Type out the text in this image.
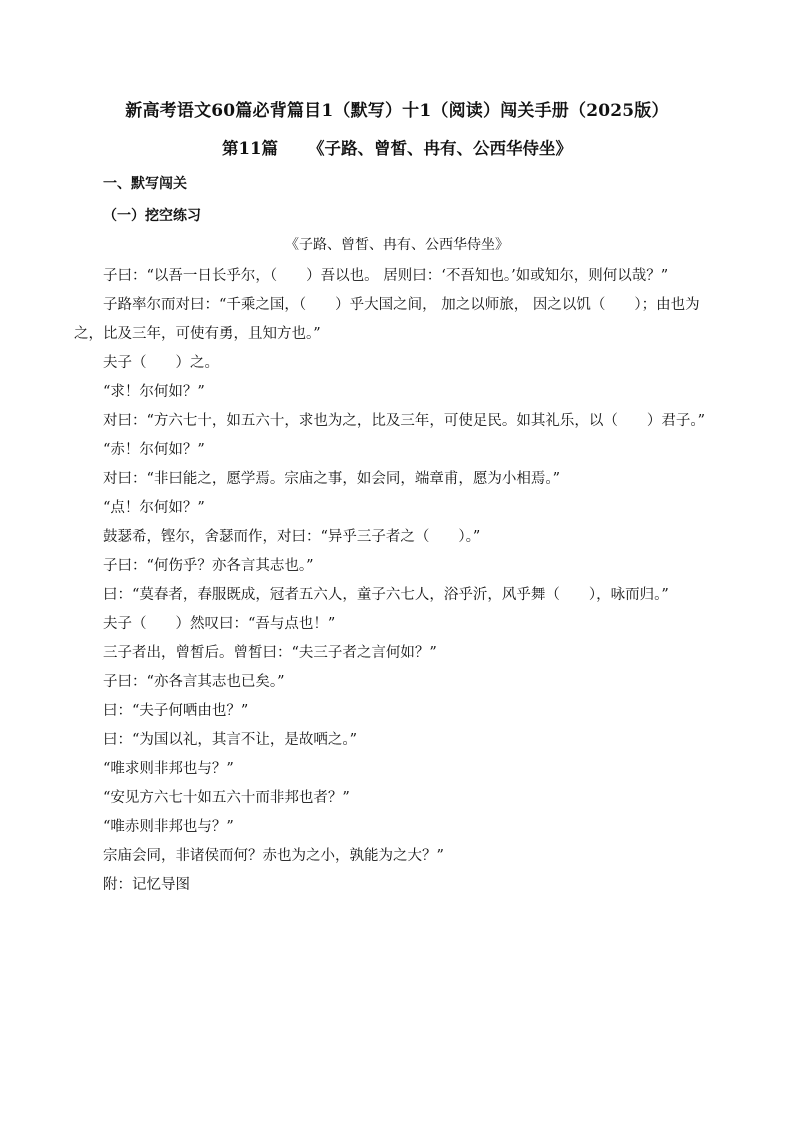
新高考语文60篇必背篇目1（默写）十1（阅读）闯关手册（2025版）
第11篇 《子路、曾皙、冉有、公西华侍坐》
一、默写闯关
（一）挖空练习
《子路、曾皙、冉有、公西华侍坐》
子曰：“以吾一日长乎尔，（　　）吾以也。 居则曰：‘不吾知也。’如或知尔，则何以哉？”
子路率尔而对曰：“千乘之国，（　　）乎大国之间， 加之以师旅， 因之以饥（　　）；由也为
之，比及三年，可使有勇，且知方也。”
夫子（　　）之。
“求！尔何如？”
对曰：“方六七十，如五六十，求也为之，比及三年，可使足民。如其礼乐，以（　　）君子。”
“赤！尔何如？”
对曰：“非曰能之，愿学焉。宗庙之事，如会同，端章甫，愿为小相焉。”
“点！尔何如？”
鼓瑟希，铿尔，舍瑟而作，对曰：“异乎三子者之（　　）。”
子曰：“何伤乎？亦各言其志也。”
曰：“莫春者，春服既成，冠者五六人，童子六七人，浴乎沂，风乎舞（　　），咏而归。”
夫子（　　）然叹曰：“吾与点也！”
三子者出，曾皙后。曾皙曰：“夫三子者之言何如？”
子曰：“亦各言其志也已矣。”
曰：“夫子何哂由也？”
曰：“为国以礼，其言不让，是故哂之。”
“唯求则非邦也与？”
“安见方六七十如五六十而非邦也者？”
“唯赤则非邦也与？”
宗庙会同，非诸侯而何？赤也为之小，孰能为之大？”
附：记忆导图
